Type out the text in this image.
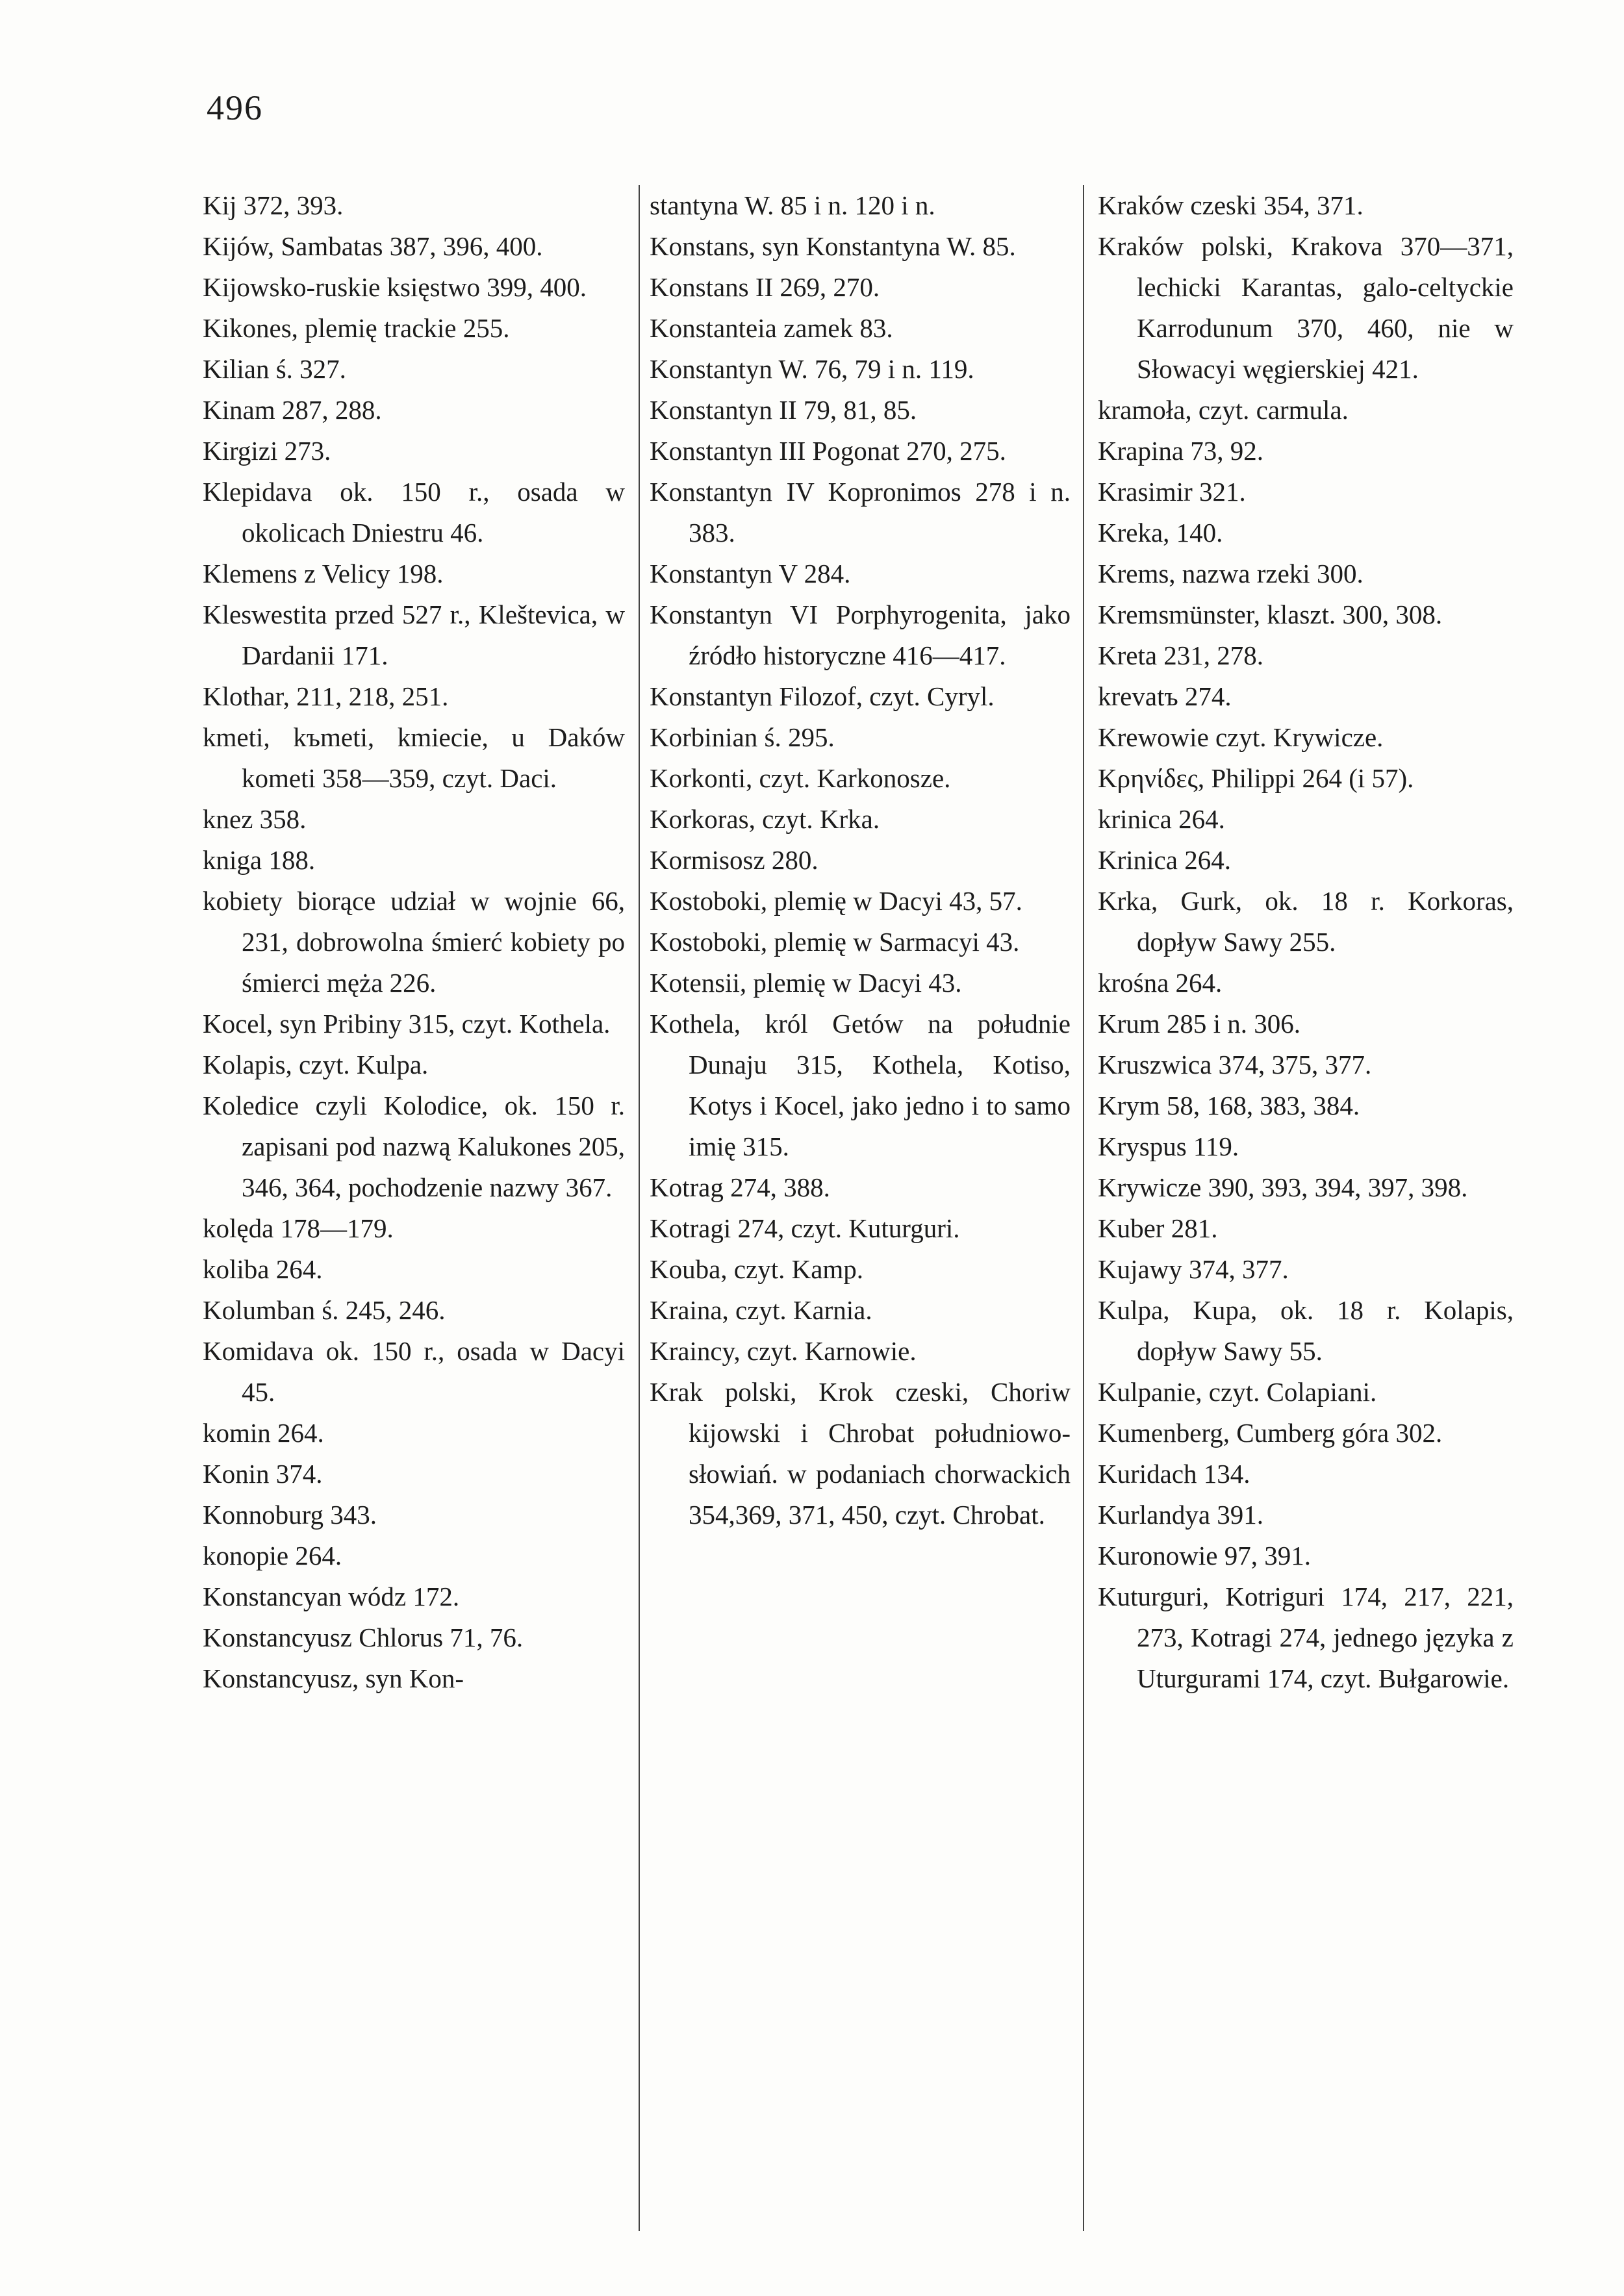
496

Kij 372, 393.

Kijów, Sambatas 387, 396, 400.

Kijowsko-ruskie księstwo 399, 400.

Kikones, plemię trackie 255.

Kilian ś. 327.

Kinam 287, 288.

Kirgizi 273.

Klepidava ok. 150 r., osada w okolicach Dniestru 46.

Klemens z Velicy 198.

Kleswestita przed 527 r., Kleštevica, w Dardanii 171.

Klothar, 211, 218, 251.

kmeti, kъmeti, kmiecie, u Daków kometi 358—359, czyt. Daci.

knez 358.

kniga 188.

kobiety biorące udział w wojnie 66, 231, dobrowolna śmierć kobiety po śmierci męża 226.

Kocel, syn Pribiny 315, czyt. Kothela.

Kolapis, czyt. Kulpa.

Koledice czyli Kolodice, ok. 150 r. zapisani pod nazwą Kalukones 205, 346, 364, pochodzenie nazwy 367.

kolęda 178—179.

koliba 264.

Kolumban ś. 245, 246.

Komidava ok. 150 r., osada w Dacyi 45.

komin 264.

Konin 374.

Konnoburg 343.

konopie 264.

Konstancyan wódz 172.

Konstancyusz Chlorus 71, 76.

Konstancyusz, syn Kon-

stantyna W. 85 i n. 120 i n.

Konstans, syn Konstantyna W. 85.

Konstans II 269, 270.

Konstanteia zamek 83.

Konstantyn W. 76, 79 i n. 119.

Konstantyn II 79, 81, 85.

Konstantyn III Pogonat 270, 275.

Konstantyn IV Kopronimos 278 i n. 383.

Konstantyn V 284.

Konstantyn VI Porphyrogenita, jako źródło historyczne 416—417.

Konstantyn Filozof, czyt. Cyryl.

Korbinian ś. 295.

Korkonti, czyt. Karkonosze.

Korkoras, czyt. Krka.

Kormisosz 280.

Kostoboki, plemię w Dacyi 43, 57.

Kostoboki, plemię w Sarmacyi 43.

Kotensii, plemię w Dacyi 43.

Kothela, król Getów na południe Dunaju 315, Kothela, Kotiso, Kotys i Kocel, jako jedno i to samo imię 315.

Kotrag 274, 388.

Kotragi 274, czyt. Kuturguri.

Kouba, czyt. Kamp.

Kraina, czyt. Karnia.

Kraincy, czyt. Karnowie.

Krak polski, Krok czeski, Choriw kijowski i Chrobat południowo-słowiań. w podaniach chorwackich 354,369, 371, 450, czyt. Chrobat.

Kraków czeski 354, 371.

Kraków polski, Krakova 370—371, lechicki Karantas, galo-celtyckie Karrodunum 370, 460, nie w Słowacyi węgierskiej 421.

kramoła, czyt. carmula.

Krapina 73, 92.

Krasimir 321.

Kreka, 140.

Krems, nazwa rzeki 300.

Kremsmünster, klaszt. 300, 308.

Kreta 231, 278.

krevatъ 274.

Krewowie czyt. Krywicze.

Κρηνίδες, Philippi 264 (i 57).

krinica 264.

Krinica 264.

Krka, Gurk, ok. 18 r. Korkoras, dopływ Sawy 255.

krośna 264.

Krum 285 i n. 306.

Kruszwica 374, 375, 377.

Krym 58, 168, 383, 384.

Kryspus 119.

Krywicze 390, 393, 394, 397, 398.

Kuber 281.

Kujawy 374, 377.

Kulpa, Kupa, ok. 18 r. Kolapis, dopływ Sawy 55.

Kulpanie, czyt. Colapiani.

Kumenberg, Cumberg góra 302.

Kuridach 134.

Kurlandya 391.

Kuronowie 97, 391.

Kuturguri, Kotriguri 174, 217, 221, 273, Kotragi 274, jednego języka z Uturgurami 174, czyt. Bułgarowie.
